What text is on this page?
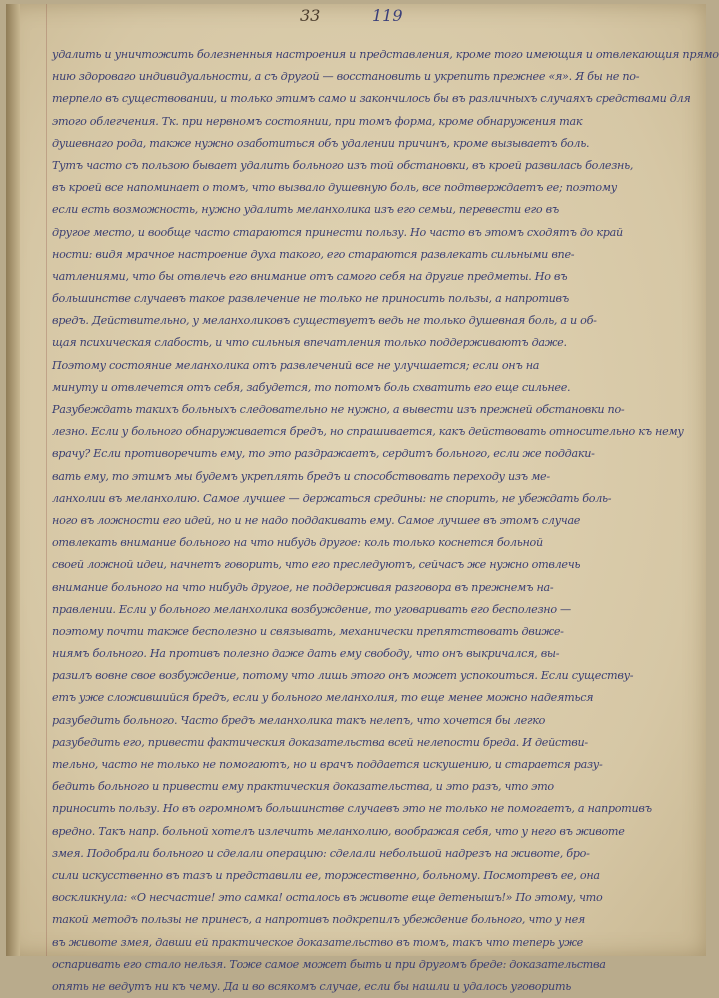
33	119
удалить и уничтожить болезненныя настроения и представления, кроме того имеющия и отвлекающия прямо
нию здороваго индивидуальности, а съ другой — восстановить и укрепить прежнее «я». Я бы не по-
терпело въ существовании, и только этимъ само и закончилось бы въ различныхъ случаяхъ средствами для
этого облегчения. Тк. при нервномъ состоянии, при томъ форма, кроме обнаружения так
душевнаго рода, также нужно озаботиться объ удалении причинъ, кроме вызываетъ боль.
Тутъ часто съ пользою бывает удалить больного изъ той обстановки, въ кроей развилась болезнь,
въ кроей все напоминает о томъ, что вызвало душевную боль, все подтверждаетъ ее; поэтому
если есть возможность, нужно удалить меланхолика изъ его семьи, перевести его въ
другое место, и вообще часто стараются принести пользу. Но часто въ этомъ сходятъ до край
ности: видя мрачное настроение духа такого, его стараются развлекать сильными впе-
чатлениями, что бы отвлечь его внимание отъ самого себя на другие предметы. Но въ
большинстве случаевъ такое развлечение не только не приносить пользы, а напротивъ
вредъ. Действительно, у меланхоликовъ существуетъ ведь не только душевная боль, а и об-
щая психическая слабость, и что сильныя впечатления только поддерживаютъ даже.
Поэтому состояние меланхолика отъ развлечений все не улучшается; если онъ на
минуту и отвлечется отъ себя, забудется, то потомъ боль схватить его еще сильнее.
Разубеждать такихъ больныхъ следовательно не нужно, а вывести изъ прежней обстановки по-
лезно. Если у больного обнаруживается бредъ, но спрашивается, какъ действовать относительно къ нему
врачу? Если противоречить ему, то это раздражаетъ, сердитъ больного, если же поддаки-
вать ему, то этимъ мы будемъ укреплять бредъ и способствовать переходу изъ ме-
ланхолии въ меланхолию. Самое лучшее — держаться средины: не спорить, не убеждать боль-
ного въ ложности его идей, но и не надо поддакивать ему. Самое лучшее въ этомъ случае
отвлекать внимание больного на что нибудь другое: коль только коснется больной
своей ложной идеи, начнетъ говорить, что его преследуютъ, сейчасъ же нужно отвлечь
внимание больного на что нибудь другое, не поддерживая разговора въ прежнемъ на-
правлении. Если у больного меланхолика возбуждение, то уговаривать его бесполезно —
поэтому почти также бесполезно и связывать, механически препятствовать движе-
ниямъ больного. На противъ полезно даже дать ему свободу, что онъ выкричался, вы-
разилъ вовне свое возбуждение, потому что лишь этого онъ может успокоиться. Если существу-
етъ уже сложившийся бредъ, если у больного меланхолия, то еще менее можно надеяться
разубедить больного. Часто бредъ меланхолика такъ нелепъ, что хочется бы легко
разубедить его, привести фактическия доказательства всей нелепости бреда. И действи-
тельно, часто не только не помогаютъ, но и врачъ поддается искушению, и старается разу-
бедить больного и привести ему практическия доказательства, и это разъ, что это
приносить пользу. Но въ огромномъ большинстве случаевъ это не только не помогаетъ, а напротивъ
вредно. Такъ напр. больной хотелъ излечить меланхолию, воображая себя, что у него въ животе
змея. Подобрали больного и сделали операцию: сделали небольшой надрезъ на животе, бро-
сили искусственно въ тазъ и представили ее, торжественно, больному. Посмотревъ ее, она
воскликнула: «О несчастие! это самка! осталось въ животе еще детенышъ!» По этому, что
такой методъ пользы не принесъ, а напротивъ подкрепилъ убеждение больного, что у нея
въ животе змея, давши ей практическое доказательство въ томъ, такъ что теперь уже
оспаривать его стало нельзя. Тоже самое может быть и при другомъ бреде: доказательства
опять не ведутъ ни къ чему. Да и во всякомъ случае, если бы нашли и удалось уговорить
